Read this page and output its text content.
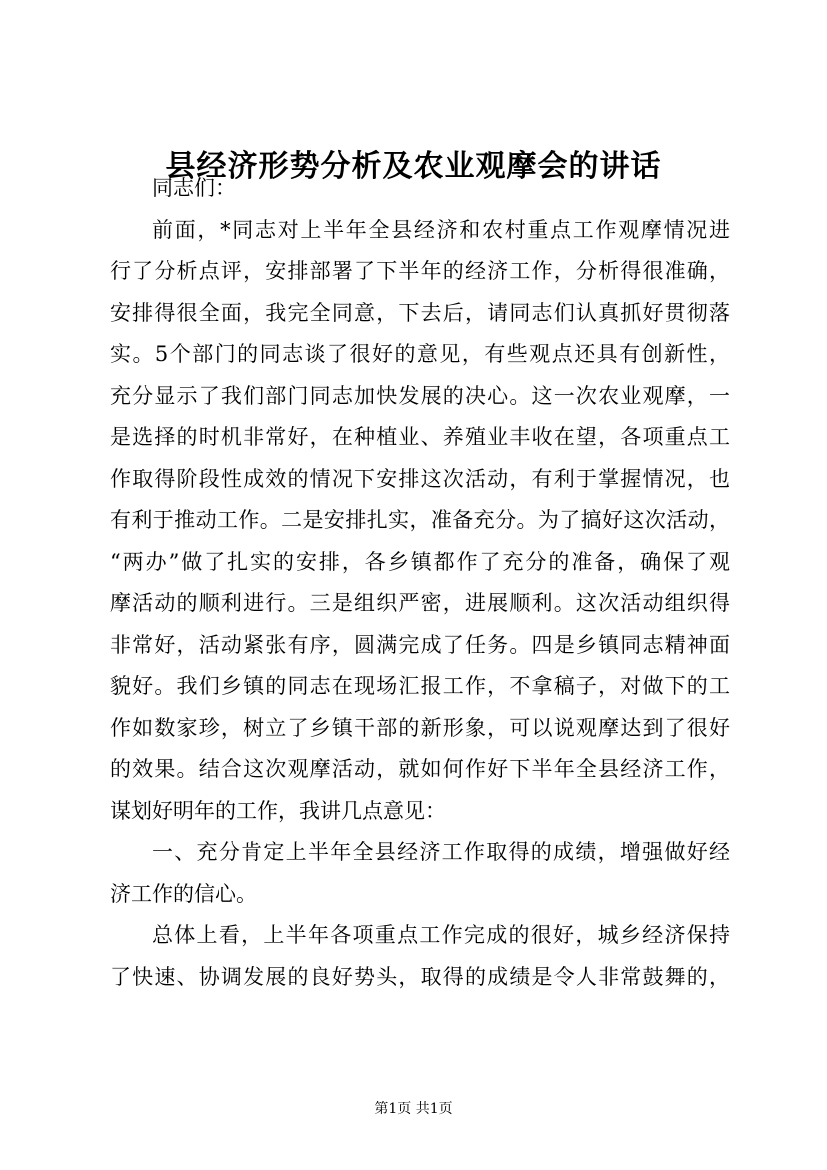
县经济形势分析及农业观摩会的讲话
同志们：
前面，*同志对上半年全县经济和农村重点工作观摩情况进
行了分析点评，安排部署了下半年的经济工作，分析得很准确，
安排得很全面，我完全同意，下去后，请同志们认真抓好贯彻落
实。5个部门的同志谈了很好的意见，有些观点还具有创新性，
充分显示了我们部门同志加快发展的决心。这一次农业观摩，一
是选择的时机非常好，在种植业、养殖业丰收在望，各项重点工
作取得阶段性成效的情况下安排这次活动，有利于掌握情况，也
有利于推动工作。二是安排扎实，准备充分。为了搞好这次活动，
“两办”做了扎实的安排，各乡镇都作了充分的准备，确保了观
摩活动的顺利进行。三是组织严密，进展顺利。这次活动组织得
非常好，活动紧张有序，圆满完成了任务。四是乡镇同志精神面
貌好。我们乡镇的同志在现场汇报工作，不拿稿子，对做下的工
作如数家珍，树立了乡镇干部的新形象，可以说观摩达到了很好
的效果。结合这次观摩活动，就如何作好下半年全县经济工作，
谋划好明年的工作，我讲几点意见：
一、充分肯定上半年全县经济工作取得的成绩，增强做好经
济工作的信心。
总体上看，上半年各项重点工作完成的很好，城乡经济保持
了快速、协调发展的良好势头，取得的成绩是令人非常鼓舞的，
第1页 共1页
